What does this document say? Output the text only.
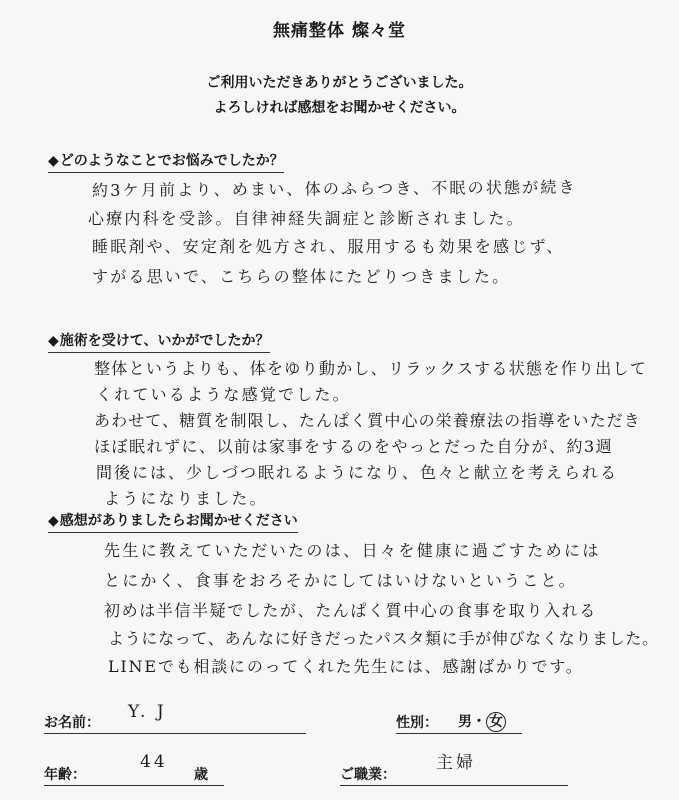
無痛整体 燦々堂
ご利用いただきありがとうございました。
よろしければ感想をお聞かせください。
◆どのようなことでお悩みでしたか？
約3ケ月前より、めまい、体のふらつき、不眠の状態が続き
心療内科を受診。自律神経失調症と診断されました。
睡眠剤や、安定剤を処方され、服用するも効果を感じず、
すがる思いで、こちらの整体にたどりつきました。
◆施術を受けて、いかがでしたか？
整体というよりも、体をゆり動かし、リラックスする状態を作り出して
くれているような感覚でした。
あわせて、糖質を制限し、たんぱく質中心の栄養療法の指導をいただき
ほぼ眠れずに、以前は家事をするのをやっとだった自分が、約3週
間後には、少しづつ眠れるようになり、色々と献立を考えられる
ようになりました。
◆感想がありましたらお聞かせください
先生に教えていただいたのは、日々を健康に過ごすためには
とにかく、食事をおろそかにしてはいけないということ。
初めは半信半疑でしたが、たんぱく質中心の食事を取り入れる
ようになって、あんなに好きだったパスタ類に手が伸びなくなりました。
LINEでも相談にのってくれた先生には、感謝ばかりです。
お名前：
Y. J
性別： 男・ 女
年齢：
44
歳	ご職業：
主婦
